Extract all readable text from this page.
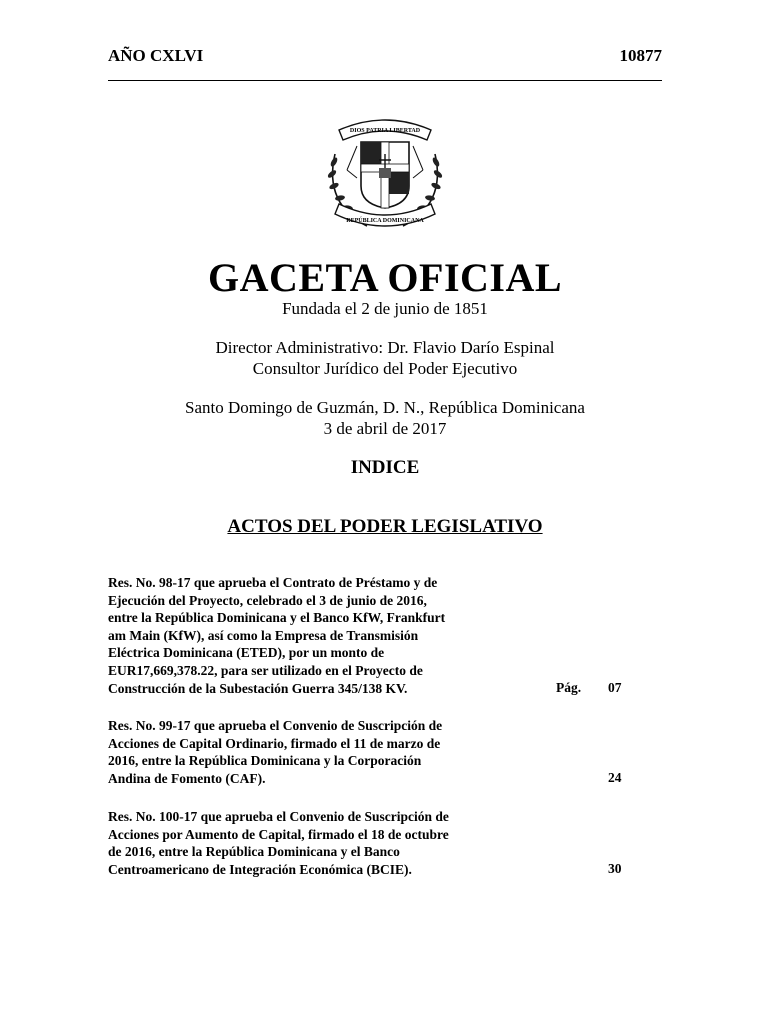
AÑO CXLVI	10877
DIOS PATRIA LIBERTAD
REPÚBLICA DOMINICANA
GACETA OFICIAL
Fundada el 2 de junio de 1851
Director Administrativo: Dr. Flavio Darío Espinal
Consultor Jurídico del Poder Ejecutivo
Santo Domingo de Guzmán, D. N., República Dominicana
3 de abril de 2017
INDICE
ACTOS DEL PODER LEGISLATIVO

Res. No. 98-17 que aprueba el Contrato de Préstamo y de

Ejecución del Proyecto, celebrado el 3 de junio de 2016,

entre la República Dominicana y el Banco KfW, Frankfurt

am Main (KfW), así como la Empresa de Transmisión

Eléctrica Dominicana (ETED), por un monto de

EUR17,669,378.22, para ser utilizado en el Proyecto de

Construcción de la Subestación Guerra 345/138 KV.	Pág. 07

Res. No. 99-17 que aprueba el Convenio de Suscripción de

Acciones de Capital Ordinario, firmado el 11 de marzo de

2016, entre la República Dominicana y la Corporación

Andina de Fomento (CAF).	24

Res. No. 100-17 que aprueba el Convenio de Suscripción de

Acciones por Aumento de Capital, firmado el 18 de octubre

de 2016, entre la República Dominicana y el Banco

Centroamericano de Integración Económica (BCIE).	30
